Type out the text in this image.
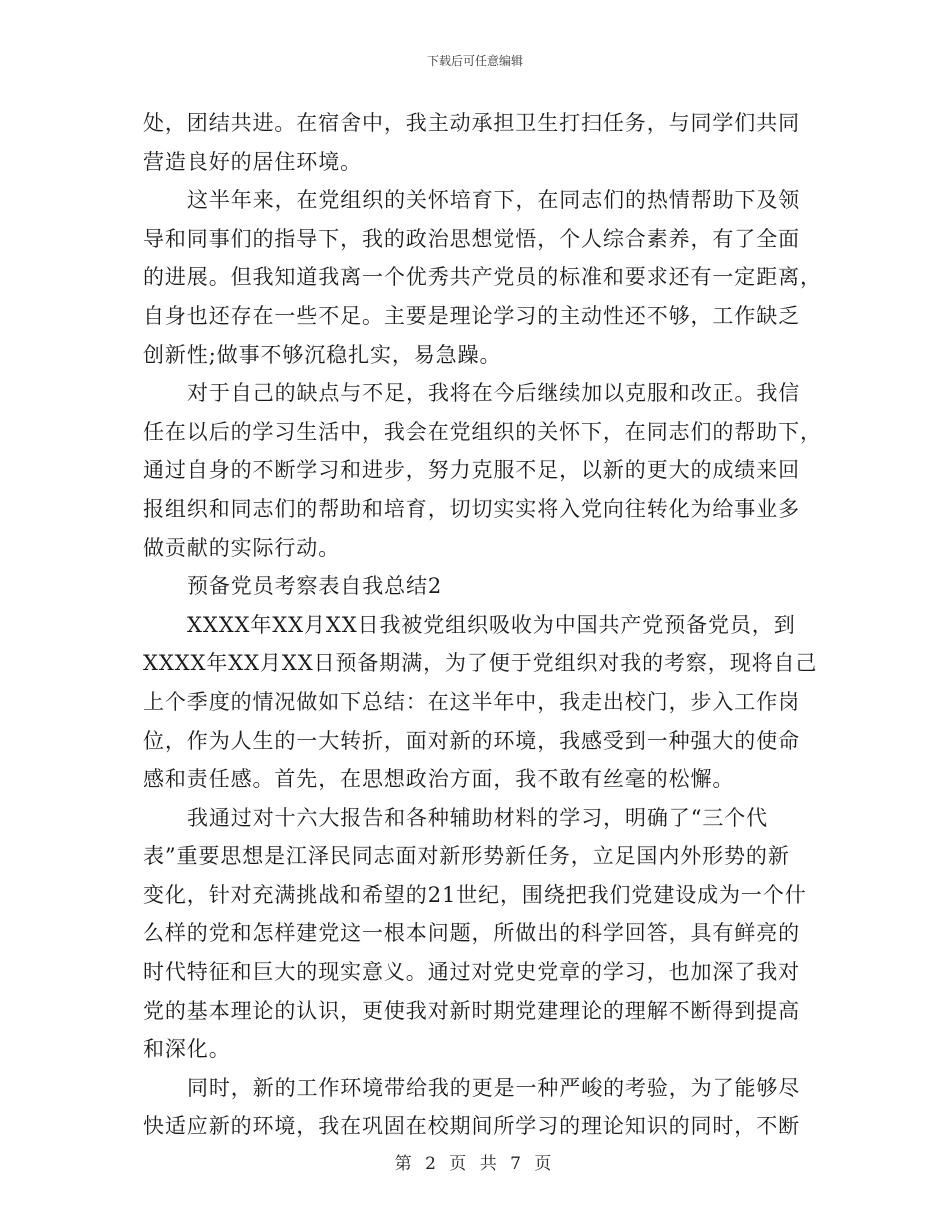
下载后可任意编辑

处，团结共进。在宿舍中，我主动承担卫生打扫任务，与同学们共同
营造良好的居住环境。

这半年来，在党组织的关怀培育下，在同志们的热情帮助下及领
导和同事们的指导下，我的政治思想觉悟，个人综合素养，有了全面
的进展。但我知道我离一个优秀共产党员的标准和要求还有一定距离，
自身也还存在一些不足。主要是理论学习的主动性还不够，工作缺乏
创新性;做事不够沉稳扎实，易急躁。

对于自己的缺点与不足，我将在今后继续加以克服和改正。我信
任在以后的学习生活中，我会在党组织的关怀下，在同志们的帮助下，
通过自身的不断学习和进步，努力克服不足，以新的更大的成绩来回
报组织和同志们的帮助和培育，切切实实将入党向往转化为给事业多
做贡献的实际行动。

预备党员考察表自我总结2

XXXX年XX月XX日我被党组织吸收为中国共产党预备党员，到
XXXX年XX月XX日预备期满，为了便于党组织对我的考察，现将自己
上个季度的情况做如下总结：在这半年中，我走出校门，步入工作岗
位，作为人生的一大转折，面对新的环境，我感受到一种强大的使命
感和责任感。首先，在思想政治方面，我不敢有丝毫的松懈。

我通过对十六大报告和各种辅助材料的学习，明确了“三个代
表”重要思想是江泽民同志面对新形势新任务，立足国内外形势的新
变化，针对充满挑战和希望的21世纪，围绕把我们党建设成为一个什
么样的党和怎样建党这一根本问题，所做出的科学回答，具有鲜亮的
时代特征和巨大的现实意义。通过对党史党章的学习，也加深了我对
党的基本理论的认识，更使我对新时期党建理论的理解不断得到提高
和深化。

同时，新的工作环境带给我的更是一种严峻的考验，为了能够尽
快适应新的环境，我在巩固在校期间所学习的理论知识的同时，不断

第 2 页 共 7 页
